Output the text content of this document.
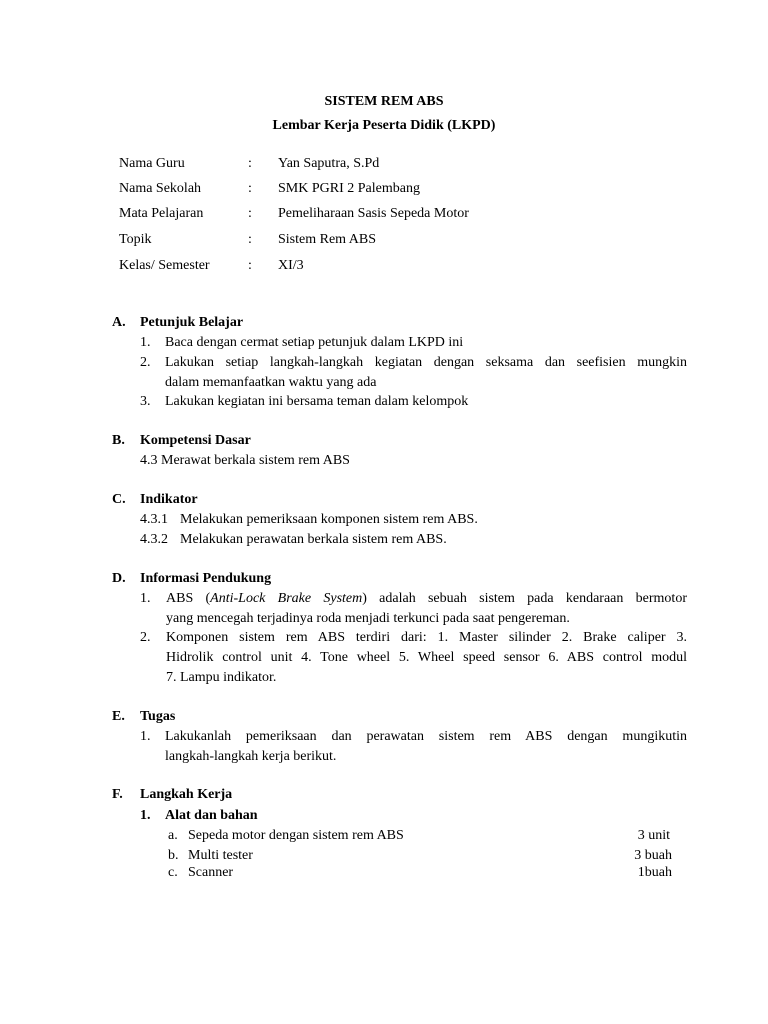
SISTEM REM ABS
Lembar Kerja Peserta Didik (LKPD)
Nama Guru	: Yan Saputra, S.Pd
Nama Sekolah	: SMK PGRI 2 Palembang
Mata Pelajaran	: Pemeliharaan Sasis Sepeda Motor
Topik	: Sistem Rem ABS
Kelas/ Semester	: XI/3
A. Petunjuk Belajar
1. Baca dengan cermat setiap petunjuk dalam LKPD ini
2. Lakukan setiap langkah-langkah kegiatan dengan seksama dan seefisien mungkin
dalam memanfaatkan waktu yang ada
3. Lakukan kegiatan ini bersama teman dalam kelompok
B. Kompetensi Dasar
4.3 Merawat berkala sistem rem ABS
C. Indikator
4.3.1 Melakukan pemeriksaan komponen sistem rem ABS.
4.3.2 Melakukan perawatan berkala sistem rem ABS.
D. Informasi Pendukung
1. ABS (Anti-Lock Brake System) adalah sebuah sistem pada kendaraan bermotor
yang mencegah terjadinya roda menjadi terkunci pada saat pengereman.
2. Komponen sistem rem ABS terdiri dari: 1. Master silinder 2. Brake caliper 3.
Hidrolik control unit 4. Tone wheel 5. Wheel speed sensor 6. ABS control modul
7. Lampu indikator.
E. Tugas
1. Lakukanlah pemeriksaan dan perawatan sistem rem ABS dengan mungikutin
langkah-langkah kerja berikut.
F. Langkah Kerja
1. Alat dan bahan
a. Sepeda motor dengan sistem rem ABS	3 unit
b. Multi tester	3 buah
c. Scanner	1buah
